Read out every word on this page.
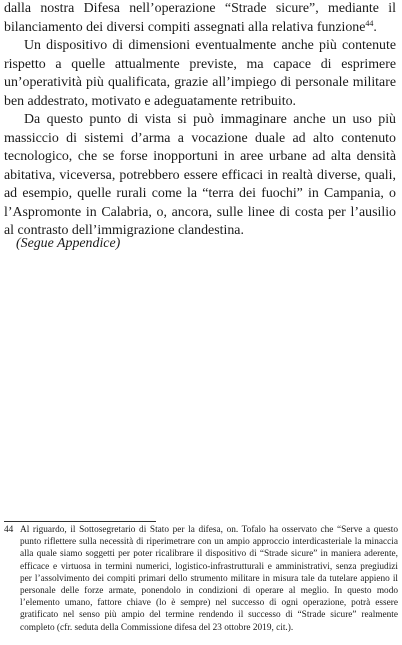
dalla nostra Difesa nell’operazione “Strade sicure”, mediante il bilanciamento dei diversi compiti assegnati alla relativa funzione$^{44}$.

Un dispositivo di dimensioni eventualmente anche più contenute rispetto a quelle attualmente previste, ma capace di esprimere un’operatività più qualificata, grazie all’impiego di personale militare ben addestrato, motivato e adeguatamente retribuito.

Da questo punto di vista si può immaginare anche un uso più massiccio di sistemi d’arma a vocazione duale ad alto contenuto tecnologico, che se forse inopportuni in aree urbane ad alta densità abitativa, viceversa, potrebbero essere efficaci in realtà diverse, quali, ad esempio, quelle rurali come la “terra dei fuochi” in Campania, o l’Aspromonte in Calabria, o, ancora, sulle linee di costa per l’ausilio al contrasto dell’immigrazione clandestina.

(Segue Appendice)
44 Al riguardo, il Sottosegretario di Stato per la difesa, on. Tofalo ha osservato che “Serve a questo punto riflettere sulla necessità di riperimetrare con un ampio approccio interdicasteriale la minaccia alla quale siamo soggetti per poter ricalibrare il dispositivo di “Strade sicure” in maniera aderente, efficace e virtuosa in termini numerici, logistico-infrastrutturali e amministrativi, senza pregiudizi per l’assolvimento dei compiti primari dello strumento militare in misura tale da tutelare appieno il personale delle forze armate, ponendolo in condizioni di operare al meglio. In questo modo l’elemento umano, fattore chiave (lo è sempre) nel successo di ogni operazione, potrà essere gratificato nel senso più ampio del termine rendendo il successo di “Strade sicure” realmente completo (cfr. seduta della Commissione difesa del 23 ottobre 2019, cit.).
